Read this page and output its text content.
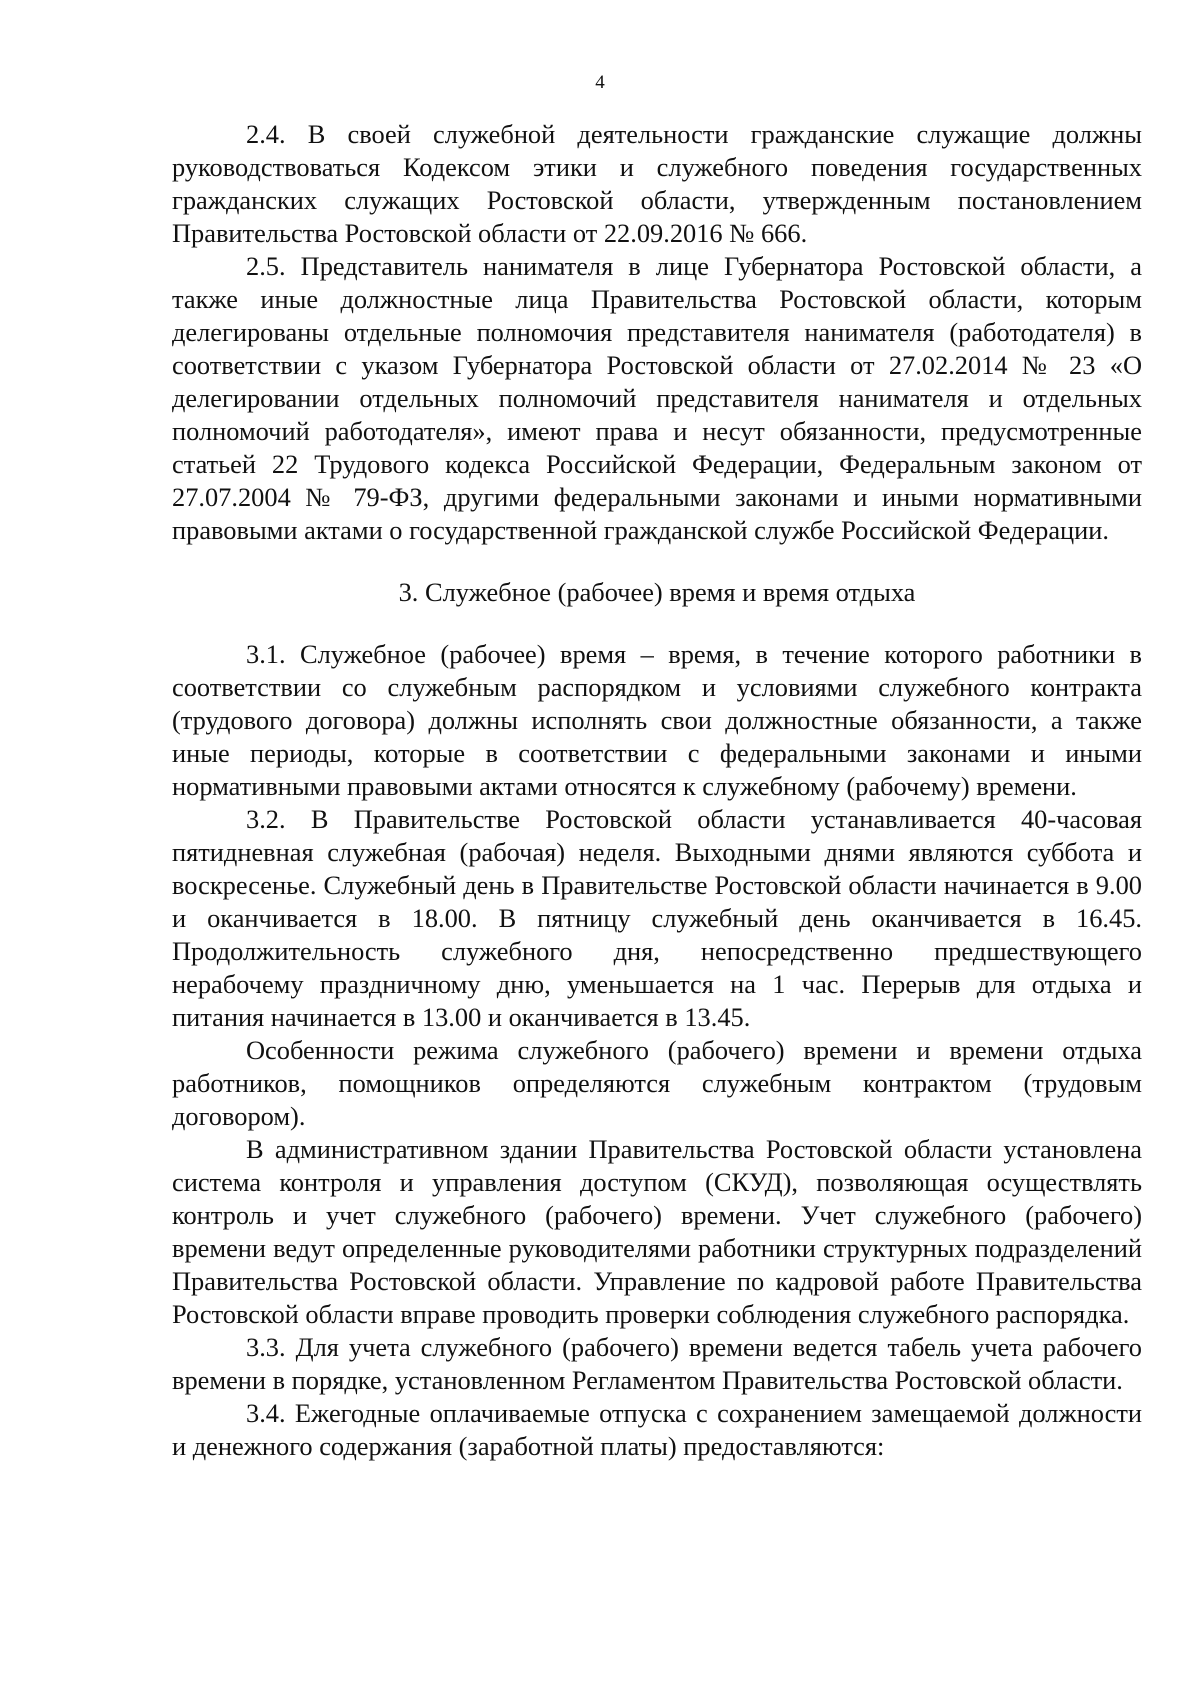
4

2.4. В своей служебной деятельности гражданские служащие должны руководствоваться Кодексом этики и служебного поведения государственных гражданских служащих Ростовской области, утвержденным постановлением Правительства Ростовской области от 22.09.2016 № 666.

2.5. Представитель нанимателя в лице Губернатора Ростовской области, а также иные должностные лица Правительства Ростовской области, которым делегированы отдельные полномочия представителя нанимателя (работодателя) в соответствии с указом Губернатора Ростовской области от 27.02.2014 № 23 «О делегировании отдельных полномочий представителя нанимателя и отдельных полномочий работодателя», имеют права и несут обязанности, предусмотренные статьей 22 Трудового кодекса Российской Федерации, Федеральным законом от 27.07.2004 № 79-ФЗ, другими федеральными законами и иными нормативными правовыми актами о государственной гражданской службе Российской Федерации.

3. Служебное (рабочее) время и время отдыха

3.1. Служебное (рабочее) время – время, в течение которого работники в соответствии со служебным распорядком и условиями служебного контракта (трудового договора) должны исполнять свои должностные обязанности, а также иные периоды, которые в соответствии с федеральными законами и иными нормативными правовыми актами относятся к служебному (рабочему) времени.

3.2. В Правительстве Ростовской области устанавливается 40-часовая пятидневная служебная (рабочая) неделя. Выходными днями являются суббота и воскресенье. Служебный день в Правительстве Ростовской области начинается в 9.00 и оканчивается в 18.00. В пятницу служебный день оканчивается в 16.45. Продолжительность служебного дня, непосредственно предшествующего нерабочему праздничному дню, уменьшается на 1 час. Перерыв для отдыха и питания начинается в 13.00 и оканчивается в 13.45.

Особенности режима служебного (рабочего) времени и времени отдыха работников, помощников определяются служебным контрактом (трудовым договором).

В административном здании Правительства Ростовской области установлена система контроля и управления доступом (СКУД), позволяющая осуществлять контроль и учет служебного (рабочего) времени. Учет служебного (рабочего) времени ведут определенные руководителями работники структурных подразделений Правительства Ростовской области. Управление по кадровой работе Правительства Ростовской области вправе проводить проверки соблюдения служебного распорядка.

3.3. Для учета служебного (рабочего) времени ведется табель учета рабочего времени в порядке, установленном Регламентом Правительства Ростовской области.

3.4. Ежегодные оплачиваемые отпуска с сохранением замещаемой должности и денежного содержания (заработной платы) предоставляются:
